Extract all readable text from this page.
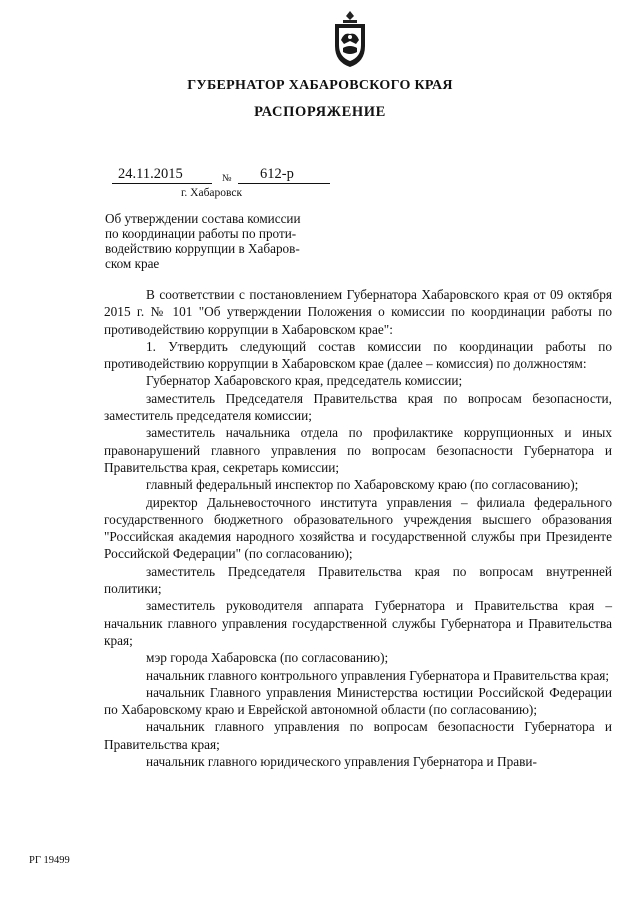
ГУБЕРНАТОР ХАБАРОВСКОГО КРАЯ
РАСПОРЯЖЕНИЕ
24.11.2015	№	612-р
г. Хабаровск
Об утверждении состава комиссии
по координации работы по проти-
водействию коррупции в Хабаров-
ском крае

В соответствии с постановлением Губернатора Хабаровского края от 09 октября 2015 г. № 101 "Об утверждении Положения о комиссии по координации работы по противодействию коррупции в Хабаровском крае":

1. Утвердить следующий состав комиссии по координации работы по противодействию коррупции в Хабаровском крае (далее – комиссия) по должностям:

Губернатор Хабаровского края, председатель комиссии;

заместитель Председателя Правительства края по вопросам безопасности, заместитель председателя комиссии;

заместитель начальника отдела по профилактике коррупционных и иных правонарушений главного управления по вопросам безопасности Губернатора и Правительства края, секретарь комиссии;

главный федеральный инспектор по Хабаровскому краю (по согласованию);

директор Дальневосточного института управления – филиала федерального государственного бюджетного образовательного учреждения высшего образования "Российская академия народного хозяйства и государственной службы при Президенте Российской Федерации" (по согласованию);

заместитель Председателя Правительства края по вопросам внутренней политики;

заместитель руководителя аппарата Губернатора и Правительства края – начальник главного управления государственной службы Губернатора и Правительства края;

мэр города Хабаровска (по согласованию);

начальник главного контрольного управления Губернатора и Правительства края;

начальник Главного управления Министерства юстиции Российской Федерации по Хабаровскому краю и Еврейской автономной области (по согласованию);

начальник главного управления по вопросам безопасности Губернатора и Правительства края;

начальник главного юридического управления Губернатора и Прави-

РГ 19499
